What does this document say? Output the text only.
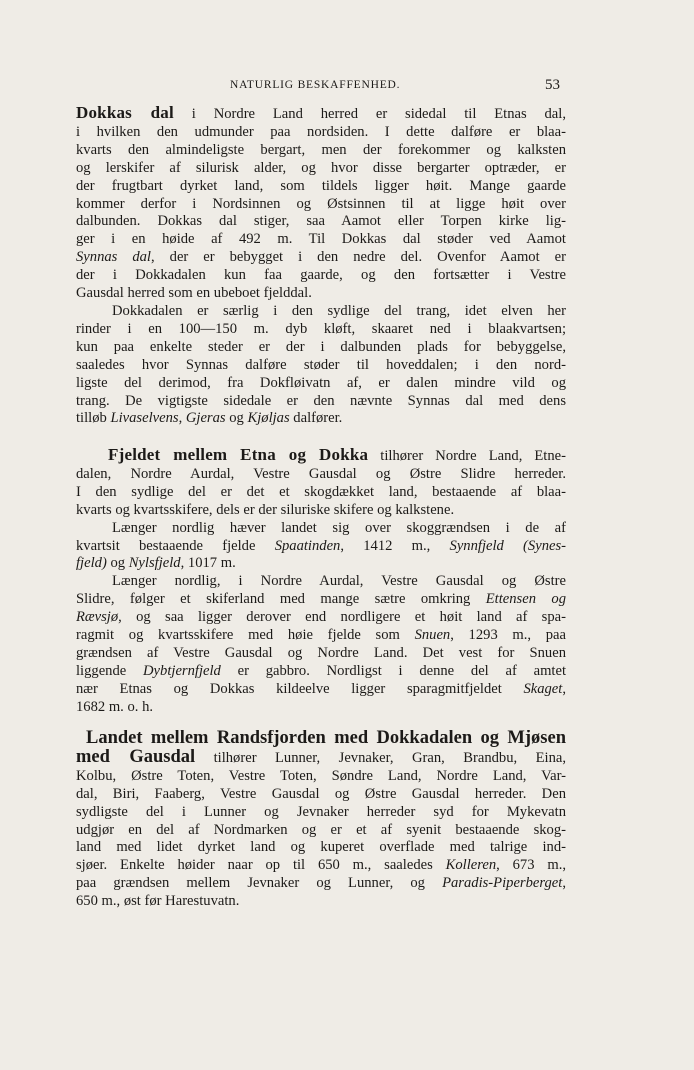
NATURLIG BESKAFFENHED.	53
Dokkas dal i Nordre Land herred er sidedal til Etnas dal,
i hvilken den udmunder paa nordsiden. I dette dalføre er blaa-
kvarts den almindeligste bergart, men der forekommer og kalksten
og lerskifer af silurisk alder, og hvor disse bergarter optræder, er
der frugtbart dyrket land, som tildels ligger høit. Mange gaarde
kommer derfor i Nordsinnen og Østsinnen til at ligge høit over
dalbunden. Dokkas dal stiger, saa Aamot eller Torpen kirke lig-
ger i en høide af 492 m. Til Dokkas dal støder ved Aamot
Synnas dal, der er bebygget i den nedre del. Ovenfor Aamot er
der i Dokkadalen kun faa gaarde, og den fortsætter i Vestre
Gausdal herred som en ubeboet fjelddal.
Dokkadalen er særlig i den sydlige del trang, idet elven her
rinder i en 100—150 m. dyb kløft, skaaret ned i blaakvartsen;
kun paa enkelte steder er der i dalbunden plads for bebyggelse,
saaledes hvor Synnas dalføre støder til hoveddalen; i den nord-
ligste del derimod, fra Dokfløivatn af, er dalen mindre vild og
trang. De vigtigste sidedale er den nævnte Synnas dal med dens
tilløb Livaselvens, Gjeras og Kjøljas dalfører.
Fjeldet mellem Etna og Dokka tilhører Nordre Land, Etne-
dalen, Nordre Aurdal, Vestre Gausdal og Østre Slidre herreder.
I den sydlige del er det et skogdækket land, bestaaende af blaa-
kvarts og kvartsskifere, dels er der siluriske skifere og kalkstene.
Længer nordlig hæver landet sig over skoggrændsen i de af
kvartsit bestaaende fjelde Spaatinden, 1412 m., Synnfjeld (Synes-
fjeld) og Nylsfjeld, 1017 m.
Længer nordlig, i Nordre Aurdal, Vestre Gausdal og Østre
Slidre, følger et skiferland med mange sætre omkring Ettensen og
Rævsjø, og saa ligger derover end nordligere et høit land af spa-
ragmit og kvartsskifere med høie fjelde som Snuen, 1293 m., paa
grændsen af Vestre Gausdal og Nordre Land. Det vest for Snuen
liggende Dybtjernfjeld er gabbro. Nordligst i denne del af amtet
nær Etnas og Dokkas kildeelve ligger sparagmitfjeldet Skaget,
1682 m. o. h.
Landet mellem Randsfjorden med Dokkadalen og Mjøsen
med Gausdal tilhører Lunner, Jevnaker, Gran, Brandbu, Eina,
Kolbu, Østre Toten, Vestre Toten, Søndre Land, Nordre Land, Var-
dal, Biri, Faaberg, Vestre Gausdal og Østre Gausdal herreder. Den
sydligste del i Lunner og Jevnaker herreder syd for Mykevatn
udgjør en del af Nordmarken og er et af syenit bestaaende skog-
land med lidet dyrket land og kuperet overflade med talrige ind-
sjøer. Enkelte høider naar op til 650 m., saaledes Kolleren, 673 m.,
paa grændsen mellem Jevnaker og Lunner, og Paradis-Piperberget,
650 m., øst før Harestuvatn.
